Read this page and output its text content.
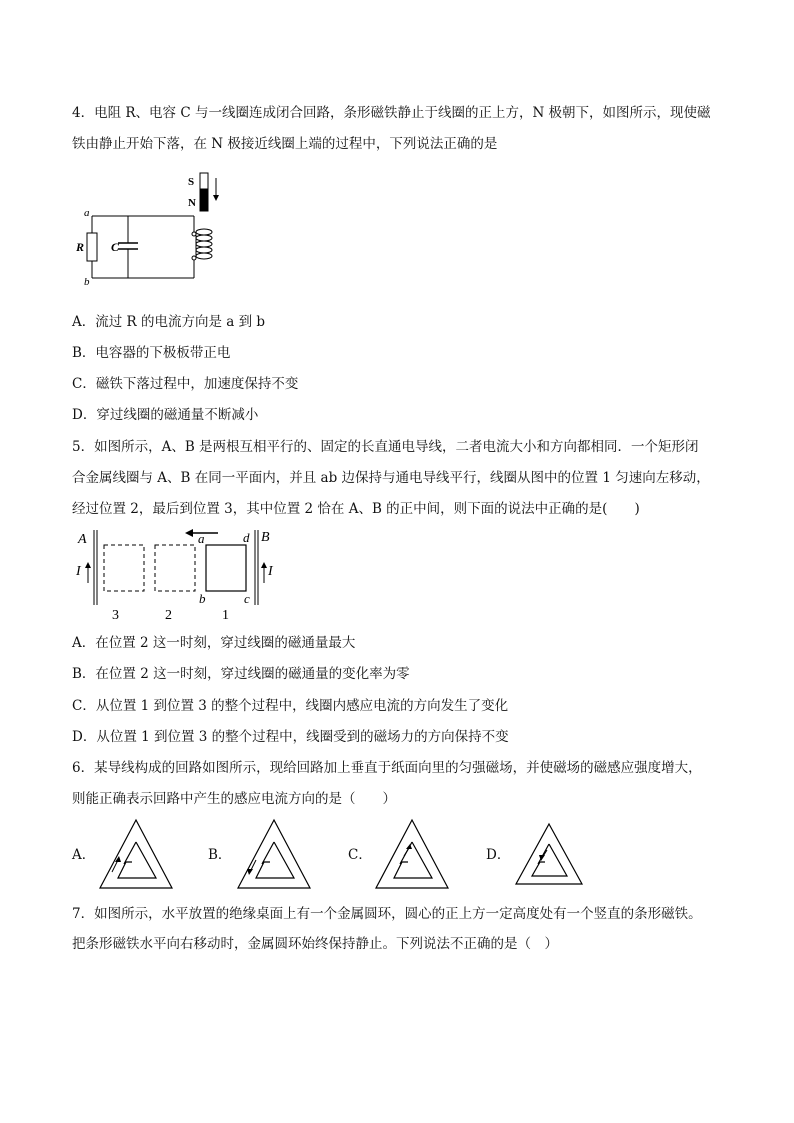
4．电阻 R、电容 C 与一线圈连成闭合回路，条形磁铁静止于线圈的正上方，N 极朝下，如图所示，现使磁
铁由静止开始下落，在 N 极接近线圈上端的过程中，下列说法正确的是
S
N
a
b
R C
A．流过 R 的电流方向是 a 到 b
B．电容器的下极板带正电
C．磁铁下落过程中，加速度保持不变
D．穿过线圈的磁通量不断减小
5．如图所示，A、B 是两根互相平行的、固定的长直通电导线，二者电流大小和方向都相同．一个矩形闭
合金属线圈与 A、B 在同一平面内，并且 ab 边保持与通电导线平行，线圈从图中的位置 1 匀速向左移动，
经过位置 2，最后到位置 3，其中位置 2 恰在 A、B 的正中间，则下面的说法中正确的是(　　)
A
I
B
I
a	d
b	c
3	2	1
A．在位置 2 这一时刻，穿过线圈的磁通量最大
B．在位置 2 这一时刻，穿过线圈的磁通量的变化率为零
C．从位置 1 到位置 3 的整个过程中，线圈内感应电流的方向发生了变化
D．从位置 1 到位置 3 的整个过程中，线圈受到的磁场力的方向保持不变
6．某导线构成的回路如图所示，现给回路加上垂直于纸面向里的匀强磁场，并使磁场的磁感应强度增大，
则能正确表示回路中产生的感应电流方向的是（　　）
A．	B．	C．	D．
7．如图所示，水平放置的绝缘桌面上有一个金属圆环，圆心的正上方一定高度处有一个竖直的条形磁铁。
把条形磁铁水平向右移动时，金属圆环始终保持静止。下列说法不正确的是（　）
